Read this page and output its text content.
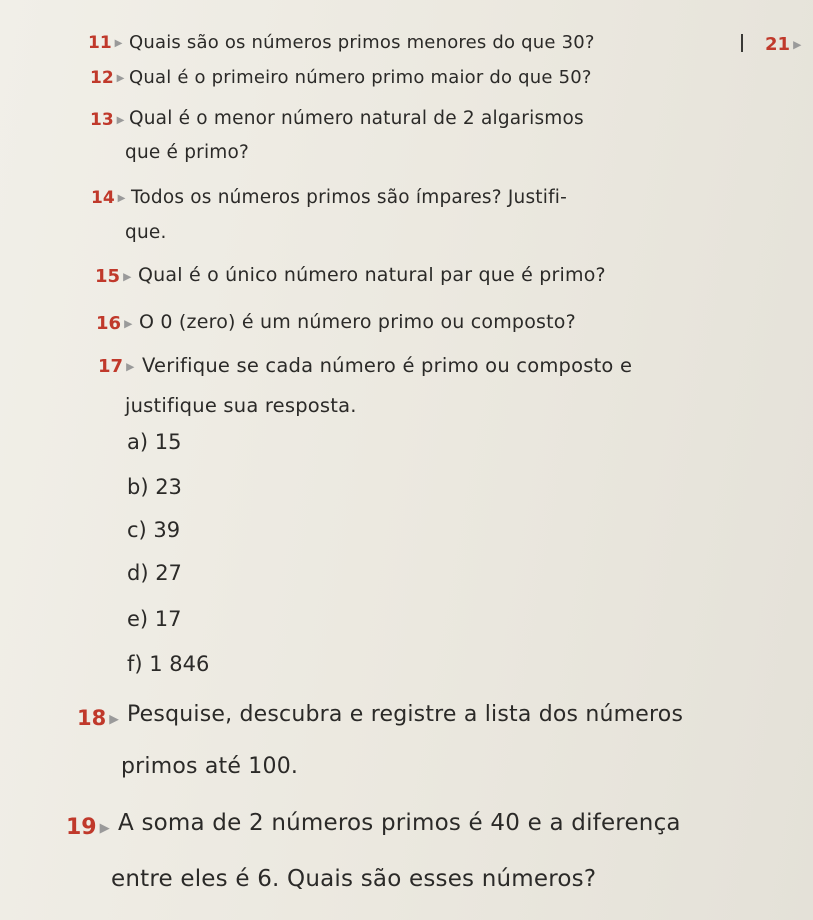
21 ▶
11 ▶ Quais são os números primos menores do que 30?
12 ▶ Qual é o primeiro número primo maior do que 50?
13 ▶ Qual é o menor número natural de 2 algarismos
que é primo?
14 ▶ Todos os números primos são ímpares? Justifi-
que.
15 ▶ Qual é o único número natural par que é primo?
16 ▶ O 0 (zero) é um número primo ou composto?
17 ▶ Verifique se cada número é primo ou composto e
justifique sua resposta.
a) 15
b) 23
c) 39
d) 27
e) 17
f) 1 846
18 ▶ Pesquise, descubra e registre a lista dos números
primos até 100.
19 ▶ A soma de 2 números primos é 40 e a diferença
entre eles é 6. Quais são esses números?
